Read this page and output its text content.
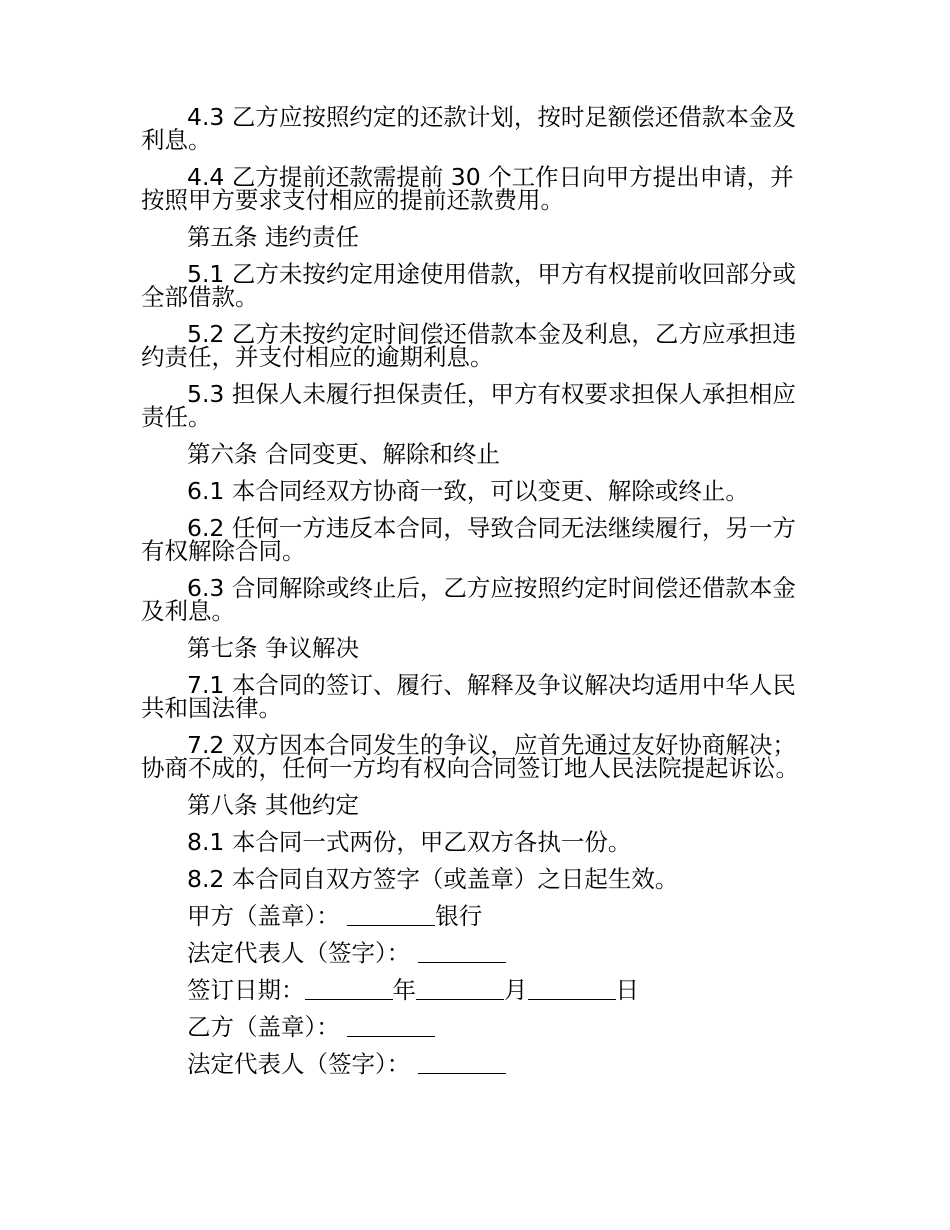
4.3 乙方应按照约定的还款计划，按时足额偿还借款本金及利息。

4.4 乙方提前还款需提前 30 个工作日向甲方提出申请，并按照甲方要求支付相应的提前还款费用。

第五条 违约责任

5.1 乙方未按约定用途使用借款，甲方有权提前收回部分或全部借款。

5.2 乙方未按约定时间偿还借款本金及利息，乙方应承担违约责任，并支付相应的逾期利息。

5.3 担保人未履行担保责任，甲方有权要求担保人承担相应责任。

第六条 合同变更、解除和终止

6.1 本合同经双方协商一致，可以变更、解除或终止。

6.2 任何一方违反本合同，导致合同无法继续履行，另一方有权解除合同。

6.3 合同解除或终止后，乙方应按照约定时间偿还借款本金及利息。

第七条 争议解决

7.1 本合同的签订、履行、解释及争议解决均适用中华人民共和国法律。

7.2 双方因本合同发生的争议，应首先通过友好协商解决；协商不成的，任何一方均有权向合同签订地人民法院提起诉讼。

第八条 其他约定

8.1 本合同一式两份，甲乙双方各执一份。

8.2 本合同自双方签字（或盖章）之日起生效。

甲方（盖章）：	银行

法定代表人（签字）：

签订日期：	年	月	日

乙方（盖章）：

法定代表人（签字）：
